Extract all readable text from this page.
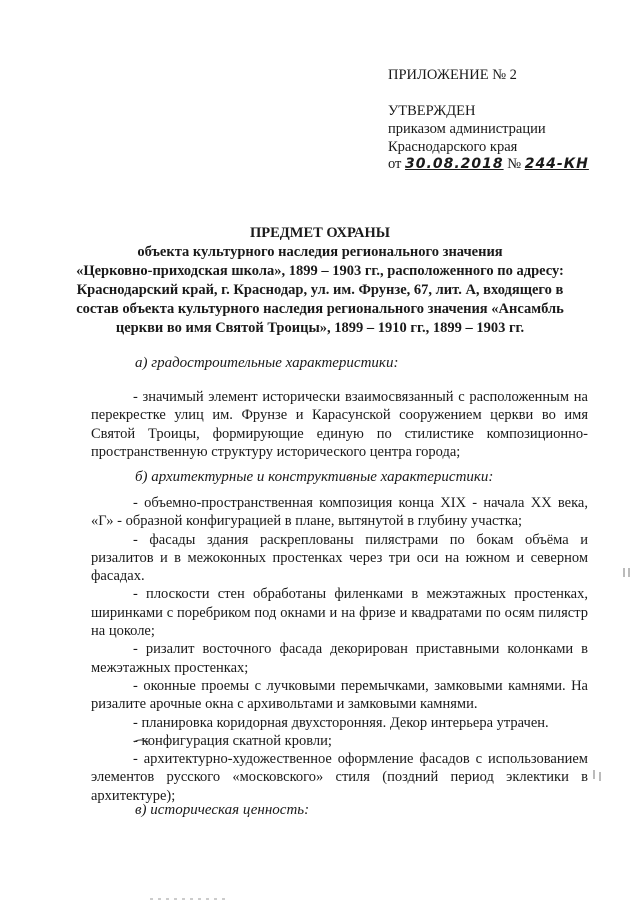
ПРИЛОЖЕНИЕ № 2
УТВЕРЖДЕН
приказом администрации
Краснодарского края
от 30.08.2018 № 244-КН
ПРЕДМЕТ ОХРАНЫ
объекта культурного наследия регионального значения
«Церковно-приходская школа», 1899 – 1903 гг., расположенного по адресу:
Краснодарский край, г. Краснодар, ул. им. Фрунзе, 67, лит. А, входящего в
состав объекта культурного наследия регионального значения «Ансамбль
церкви во имя Святой Троицы», 1899 – 1910 гг., 1899 – 1903 гг.
а) градостроительные характеристики:

- значимый элемент исторически взаимосвязанный с расположенным на перекрестке улиц им. Фрунзе и Карасунской сооружением церкви во имя Святой Троицы, формирующие единую по стилистике композиционно-пространственную структуру исторического центра города;

б) архитектурные и конструктивные характеристики:

- объемно-пространственная композиция конца XIX - начала XX века, «Г» - образной конфигурацией в плане, вытянутой в глубину участка;

- фасады здания раскреплованы пилястрами по бокам объёма и ризалитов и в межоконных простенках через три оси на южном и северном фасадах.

- плоскости стен обработаны филенками в межэтажных простенках, ширинками с поребриком под окнами и на фризе и квадратами по осям пилястр на цоколе;

- ризалит восточного фасада декорирован приставными колонками в межэтажных простенках;

- оконные проемы с лучковыми перемычками, замковыми камнями. На ризалите арочные окна с архивольтами и замковыми камнями.

- планировка коридорная двухсторонняя. Декор интерьера утрачен.

- конфигурация скатной кровли;

- архитектурно-художественное оформление фасадов с использованием элементов русского «московского» стиля (поздний период эклектики в архитектуре);

в) историческая ценность:
